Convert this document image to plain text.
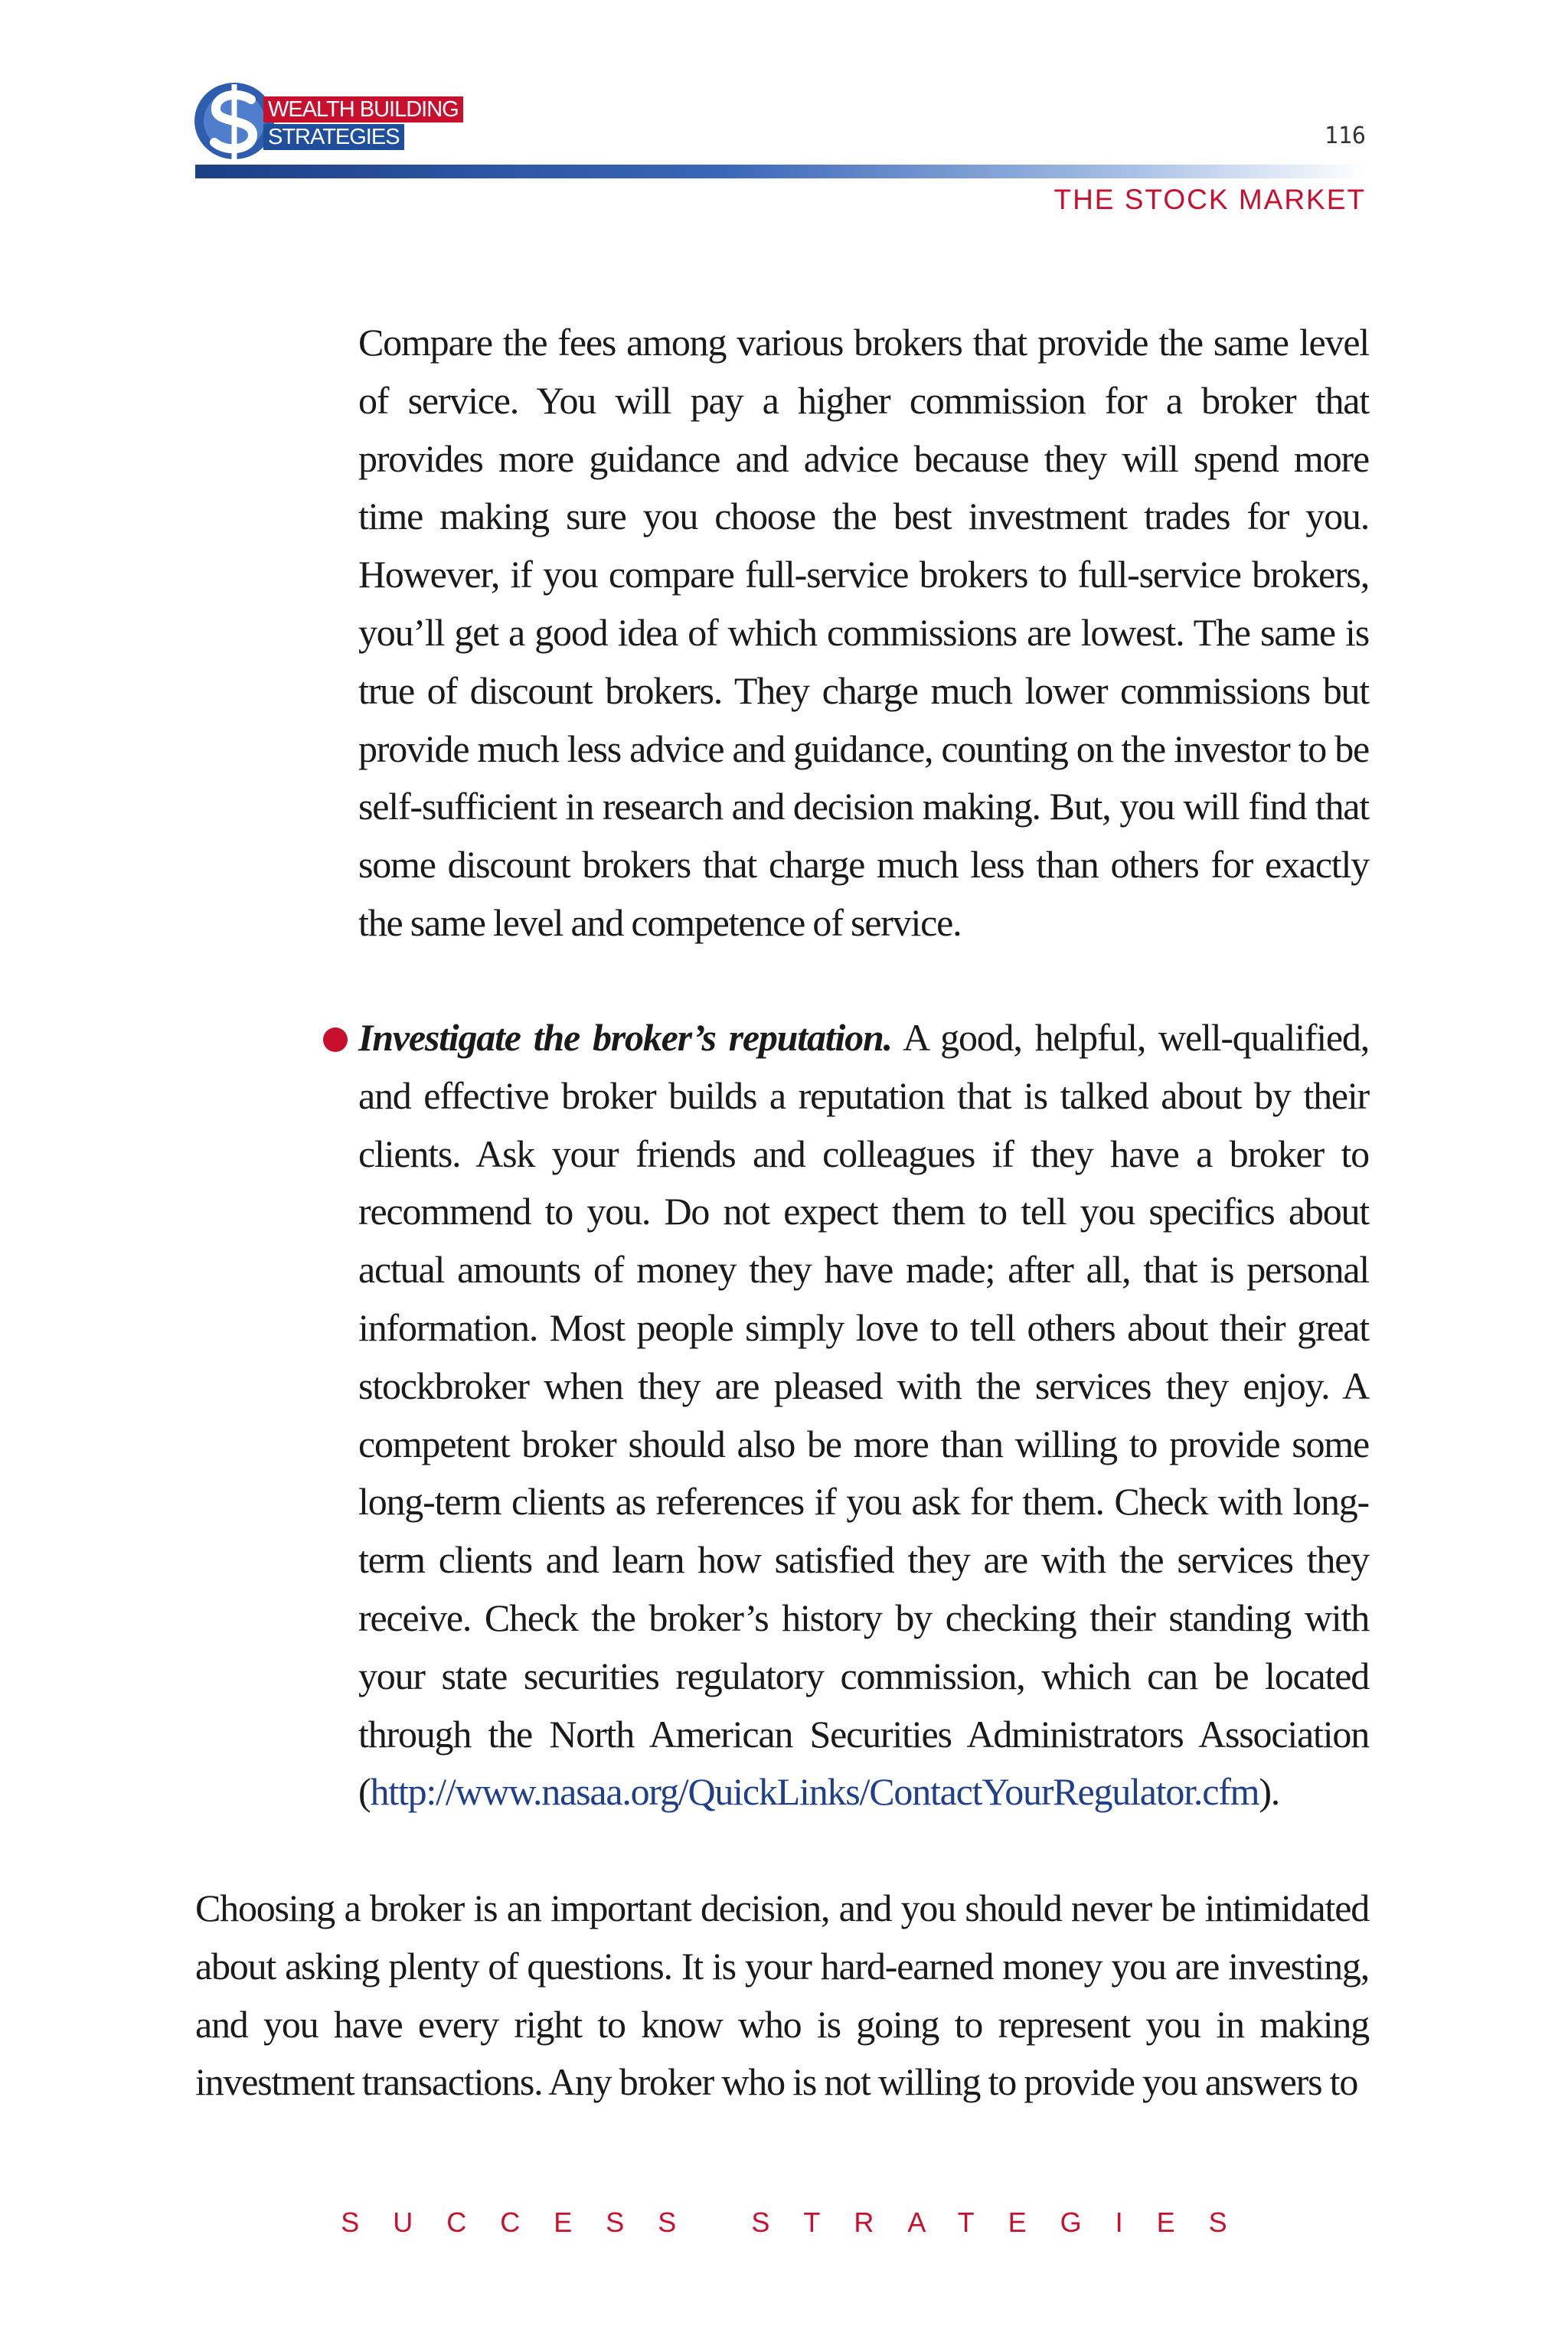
WEALTH BUILDING
STRATEGIES	116
THE STOCK MARKET

Compare the fees among various brokers that provide the same level of service. You will pay a higher commission for a broker that provides more guidance and advice because they will spend more time making sure you choose the best investment trades for you. However, if you compare full-service brokers to full-service brokers, you’ll get a good idea of which commissions are lowest. The same is true of discount brokers. They charge much lower commissions but provide much less advice and guidance, counting on the investor to be self-sufficient in research and decision making. But, you will find that some discount brokers that charge much less than others for exactly the same level and competence of service.

Investigate the broker’s reputation. A good, helpful, well-qualified, and effective broker builds a reputation that is talked about by their clients. Ask your friends and colleagues if they have a broker to recommend to you. Do not expect them to tell you specifics about actual amounts of money they have made; after all, that is personal information. Most people simply love to tell others about their great stockbroker when they are pleased with the services they enjoy. A competent broker should also be more than willing to provide some long-term clients as references if you ask for them. Check with long-term clients and learn how satisfied they are with the services they receive. Check the broker’s history by checking their standing with your state securities regulatory commission, which can be located through the North American Securities Administrators Association (http://www.nasaa.org/QuickLinks/ContactYourRegulator.cfm).

Choosing a broker is an important decision, and you should never be intimidated about asking plenty of questions. It is your hard-earned money you are investing, and you have every right to know who is going to represent you in making investment transactions. Any broker who is not willing to provide you answers to

SUCCESS STRATEGIES
